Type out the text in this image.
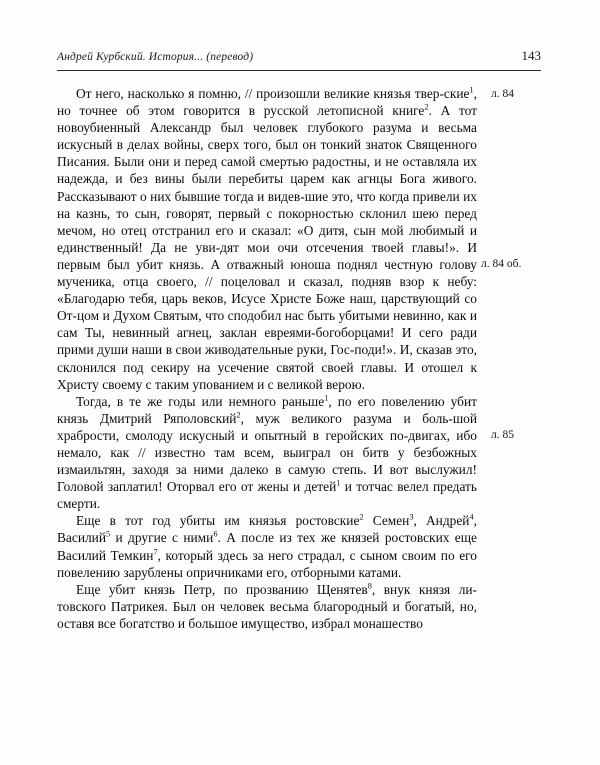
Андрей Курбский. История... (перевод)	143

От него, насколько я помню, // произошли великие князья твер-ские$^1$, но точнее об этом говорится в русской летописной книге$^2$. А тот новоубиенный Александр был человек глубокого разума и весьма искусный в делах войны, сверх того, был он тонкий знаток Священного Писания. Были они и перед самой смертью радостны, и не оставляла их надежда, и без вины были перебиты царем как агнцы Бога живого. Рассказывают о них бывшие тогда и видев-шие это, что когда привели их на казнь, то сын, говорят, первый с покорностью склонил шею перед мечом, но отец отстранил его и сказал: «О дитя, сын мой любимый и единственный! Да не уви-дят мои очи отсечения твоей главы!». И первым был убит князь. А отважный юноша поднял честную голову мученика, отца своего, // поцеловал и сказал, подняв взор к небу: «Благодарю тебя, царь веков, Исусе Христе Боже наш, царствующий со От-цом и Духом Святым, что сподобил нас быть убитыми невинно, как и сам Ты, невинный агнец, заклан евреями-богоборцами! И сего ради прими души наши в свои живодательные руки, Гос-поди!». И, сказав это, склонился под секиру на усечение святой своей главы. И отошел к Христу своему с таким упованием и с великой верою.

Тогда, в те же годы или немного раньше$^1$, по его повелению убит князь Дмитрий Ряполовский$^2$, муж великого разума и боль-шой храбрости, смолоду искусный и опытный в геройских по-двигах, ибо немало, как // известно там всем, выиграл он битв у безбожных измаильтян, заходя за ними далеко в самую степь. И вот выслужил! Головой заплатил! Оторвал его от жены и детей$^1$ и тотчас велел предать смерти.

Еще в тот год убиты им князья ростовские$^2$ Семен$^3$, Андрей$^4$, Василий$^5$ и другие с ними$^6$. А после из тех же князей ростовских еще Василий Темкин$^7$, который здесь за него страдал, с сыном своим по его повелению зарублены опричниками его, отборными катами.

Еще убит князь Петр, по прозванию Щенятев$^8$, внук князя ли-товского Патрикея. Был он человек весьма благородный и богатый, но, оставя все богатство и большое имущество, избрал монашество

л. 84
л. 84 об.
л. 85
